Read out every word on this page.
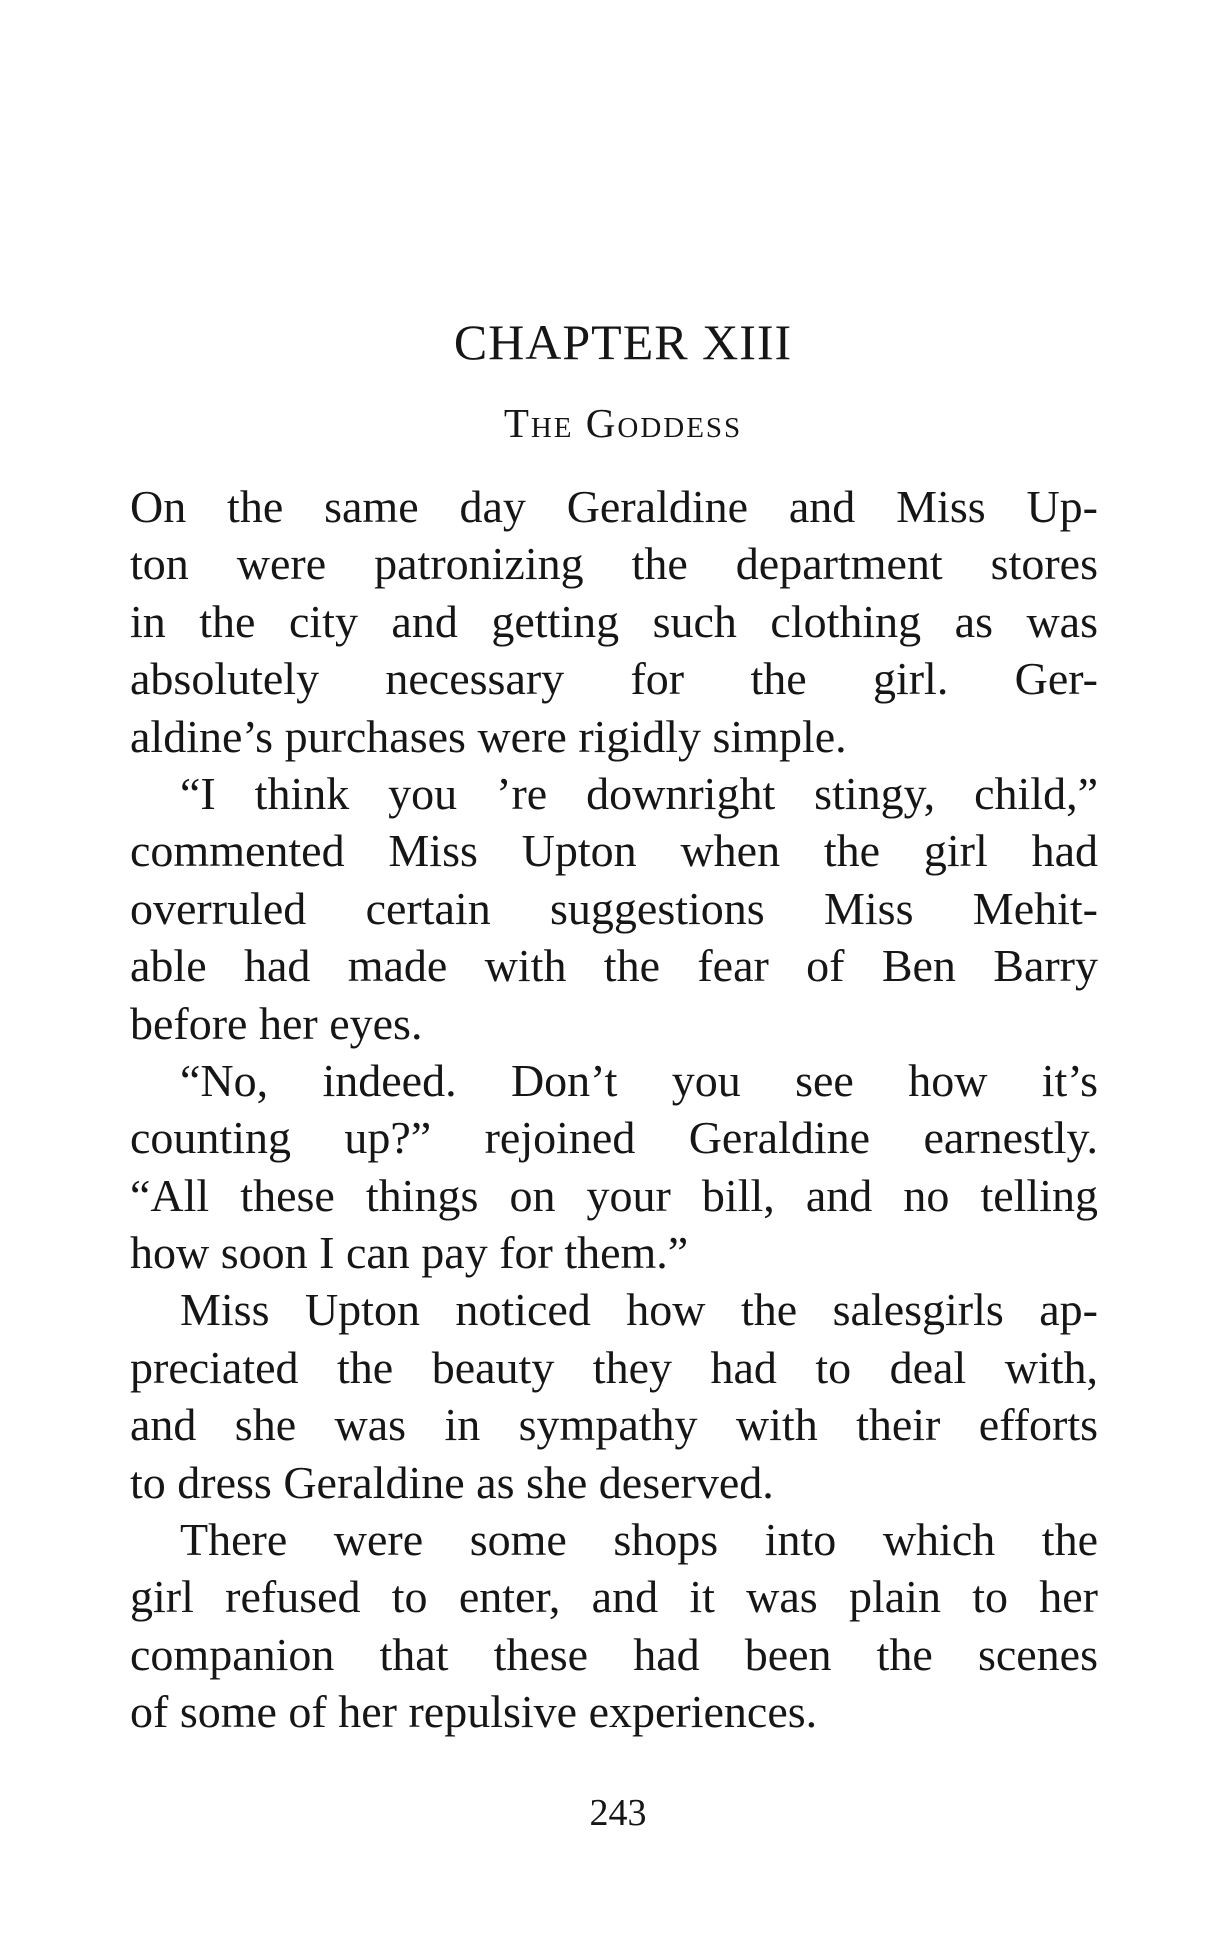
CHAPTER XIII
The Goddess
On the same day Geraldine and Miss Up-
ton were patronizing the department stores
in the city and getting such clothing as was
absolutely necessary for the girl. Ger-
aldine’s purchases were rigidly simple.
“I think you ’re downright stingy, child,”
commented Miss Upton when the girl had
overruled certain suggestions Miss Mehit-
able had made with the fear of Ben Barry
before her eyes.
“No, indeed. Don’t you see how it’s
counting up?” rejoined Geraldine earnestly.
“All these things on your bill, and no telling
how soon I can pay for them.”
Miss Upton noticed how the salesgirls ap-
preciated the beauty they had to deal with,
and she was in sympathy with their efforts
to dress Geraldine as she deserved.
There were some shops into which the
girl refused to enter, and it was plain to her
companion that these had been the scenes
of some of her repulsive experiences.
243
